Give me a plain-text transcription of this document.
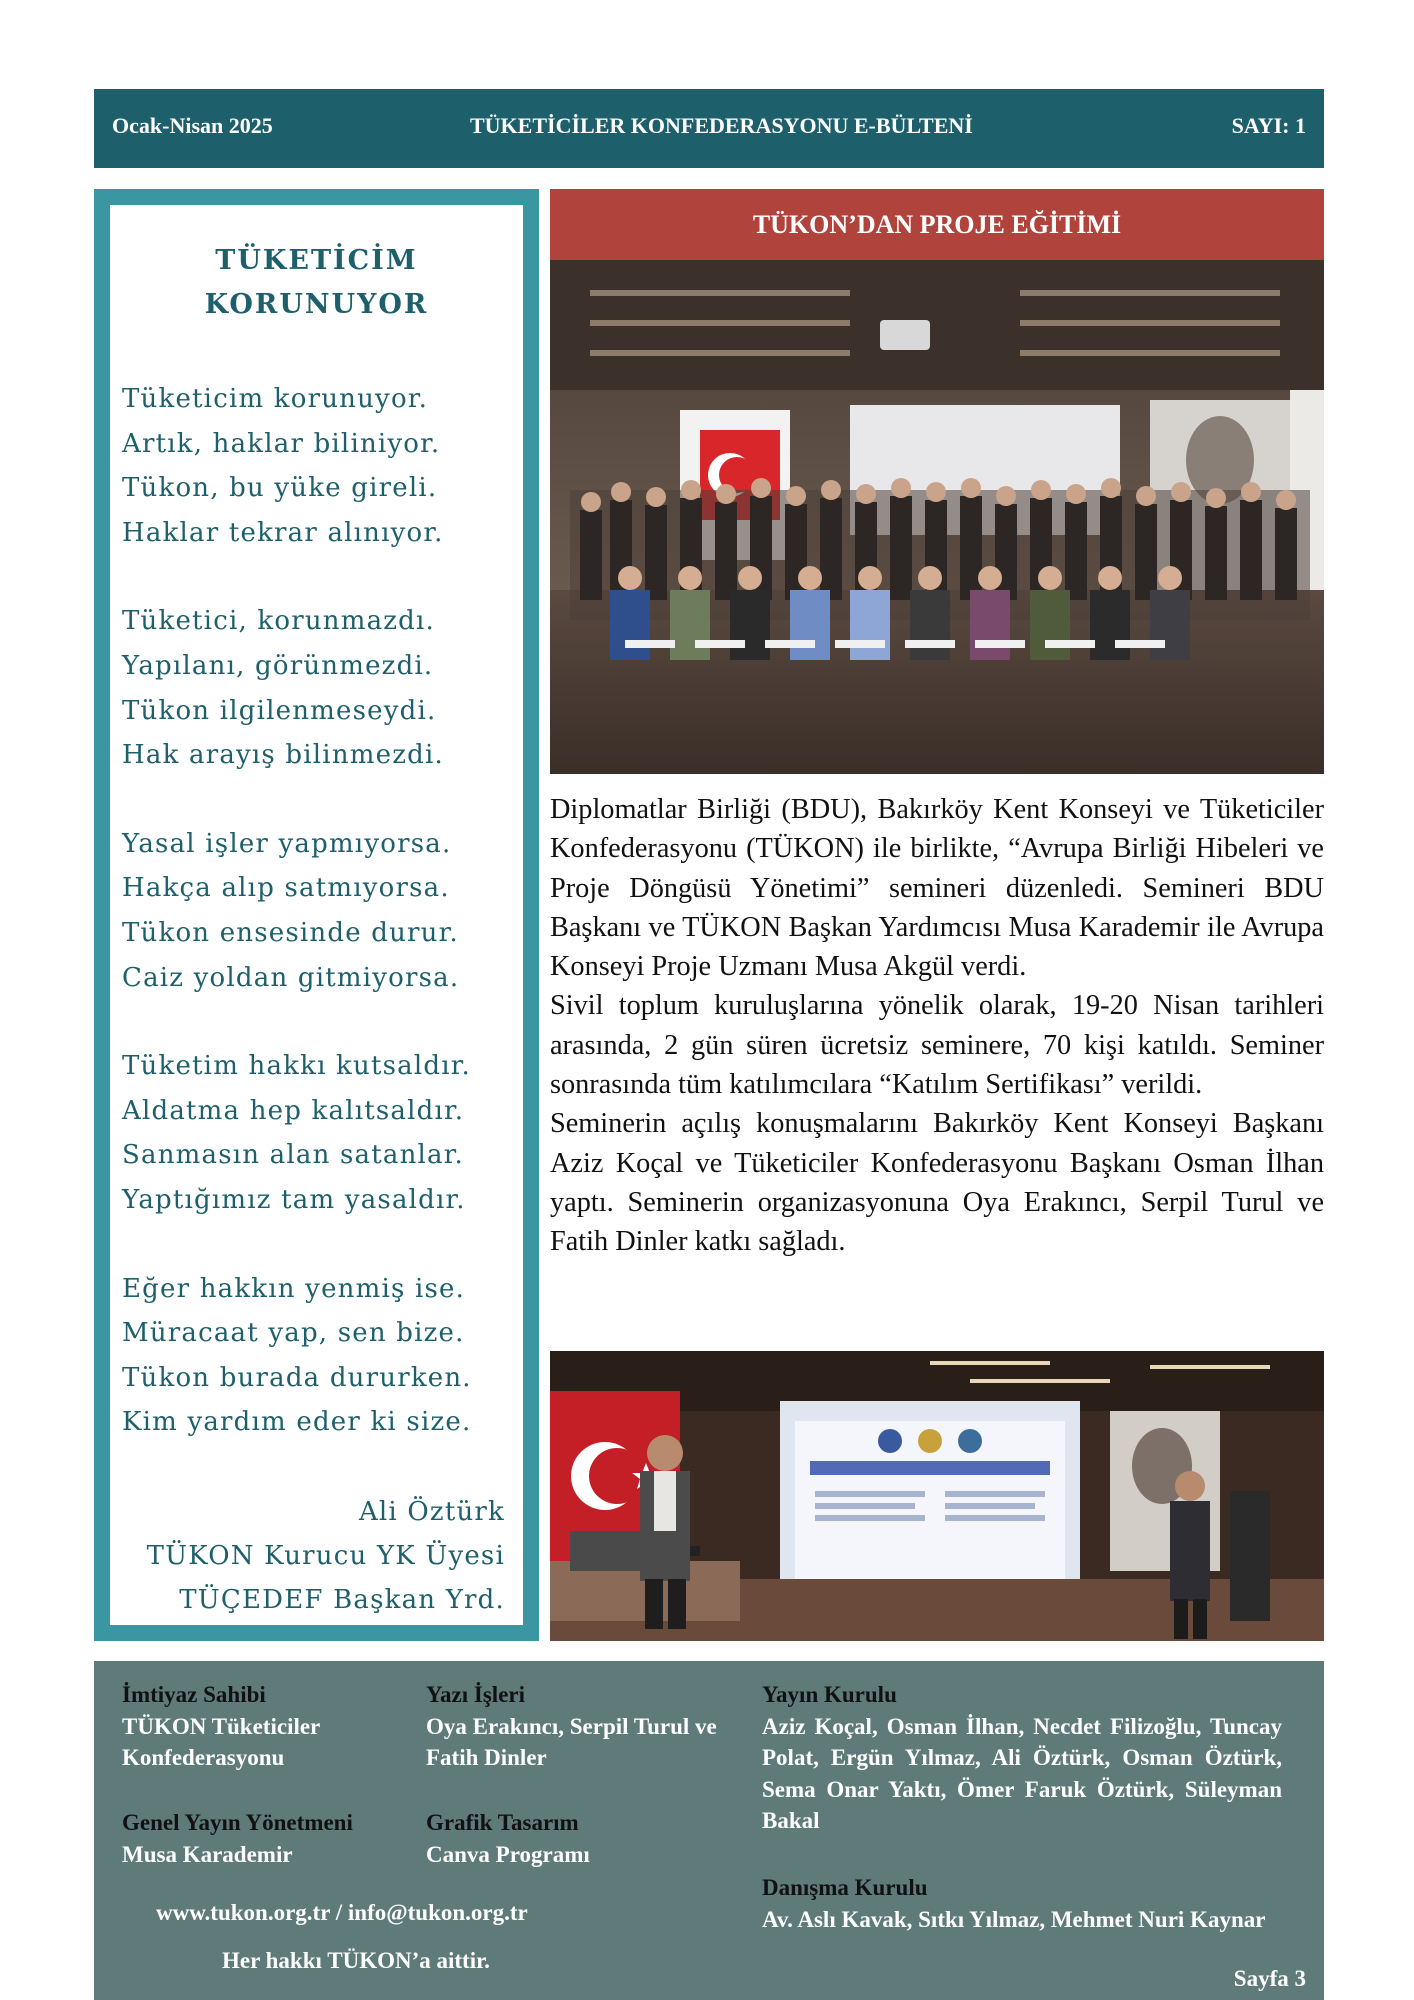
Ocak-Nisan 2025	TÜKETİCİLER KONFEDERASYONU E-BÜLTENİ	SAYI: 1
TÜKETİCİM
KORUNUYOR
Tüketicim korunuyor.
Artık, haklar biliniyor.
Tükon, bu yüke gireli.
Haklar tekrar alınıyor.
Tüketici, korunmazdı.
Yapılanı, görünmezdi.
Tükon ilgilenmeseydi.
Hak arayış bilinmezdi.
Yasal işler yapmıyorsa.
Hakça alıp satmıyorsa.
Tükon ensesinde durur.
Caiz yoldan gitmiyorsa.
Tüketim hakkı kutsaldır.
Aldatma hep kalıtsaldır.
Sanmasın alan satanlar.
Yaptığımız tam yasaldır.
Eğer hakkın yenmiş ise.
Müracaat yap, sen bize.
Tükon burada dururken.
Kim yardım eder ki size.
Ali Öztürk
TÜKON Kurucu YK Üyesi
TÜÇEDEF Başkan Yrd.
TÜKON’DAN PROJE EĞİTİMİ

Diplomatlar Birliği (BDU), Bakırköy Kent Konseyi ve Tüketiciler Konfederasyonu (TÜKON) ile birlikte, “Avrupa Birliği Hibeleri ve Proje Döngüsü Yönetimi” semineri düzenledi. Semineri BDU Başkanı ve TÜKON Başkan Yardımcısı Musa Karademir ile Avrupa Konseyi Proje Uzmanı Musa Akgül verdi.

Sivil toplum kuruluşlarına yönelik olarak, 19-20 Nisan tarihleri arasında, 2 gün süren ücretsiz seminere, 70 kişi katıldı. Seminer sonrasında tüm katılımcılara “Katılım Sertifikası” verildi.

Seminerin açılış konuşmalarını Bakırköy Kent Konseyi Başkanı Aziz Koçal ve Tüketiciler Konfederasyonu Başkanı Osman İlhan yaptı. Seminerin organizasyonuna Oya Erakıncı, Serpil Turul ve Fatih Dinler katkı sağladı.

İmtiyaz Sahibi
TÜKON Tüketiciler Konfederasyonu
Yazı İşleri
Oya Erakıncı, Serpil Turul ve Fatih Dinler
Genel Yayın Yönetmeni
Musa Karademir
Grafik Tasarım
Canva Programı
Yayın Kurulu
Aziz Koçal, Osman İlhan, Necdet Filizoğlu, Tuncay Polat, Ergün Yılmaz, Ali Öztürk, Osman Öztürk, Sema Onar Yaktı, Ömer Faruk Öztürk, Süleyman Bakal
Danışma Kurulu
Av. Aslı Kavak, Sıtkı Yılmaz, Mehmet Nuri Kaynar
www.tukon.org.tr / info@tukon.org.tr
Her hakkı TÜKON’a aittir.
Sayfa 3
